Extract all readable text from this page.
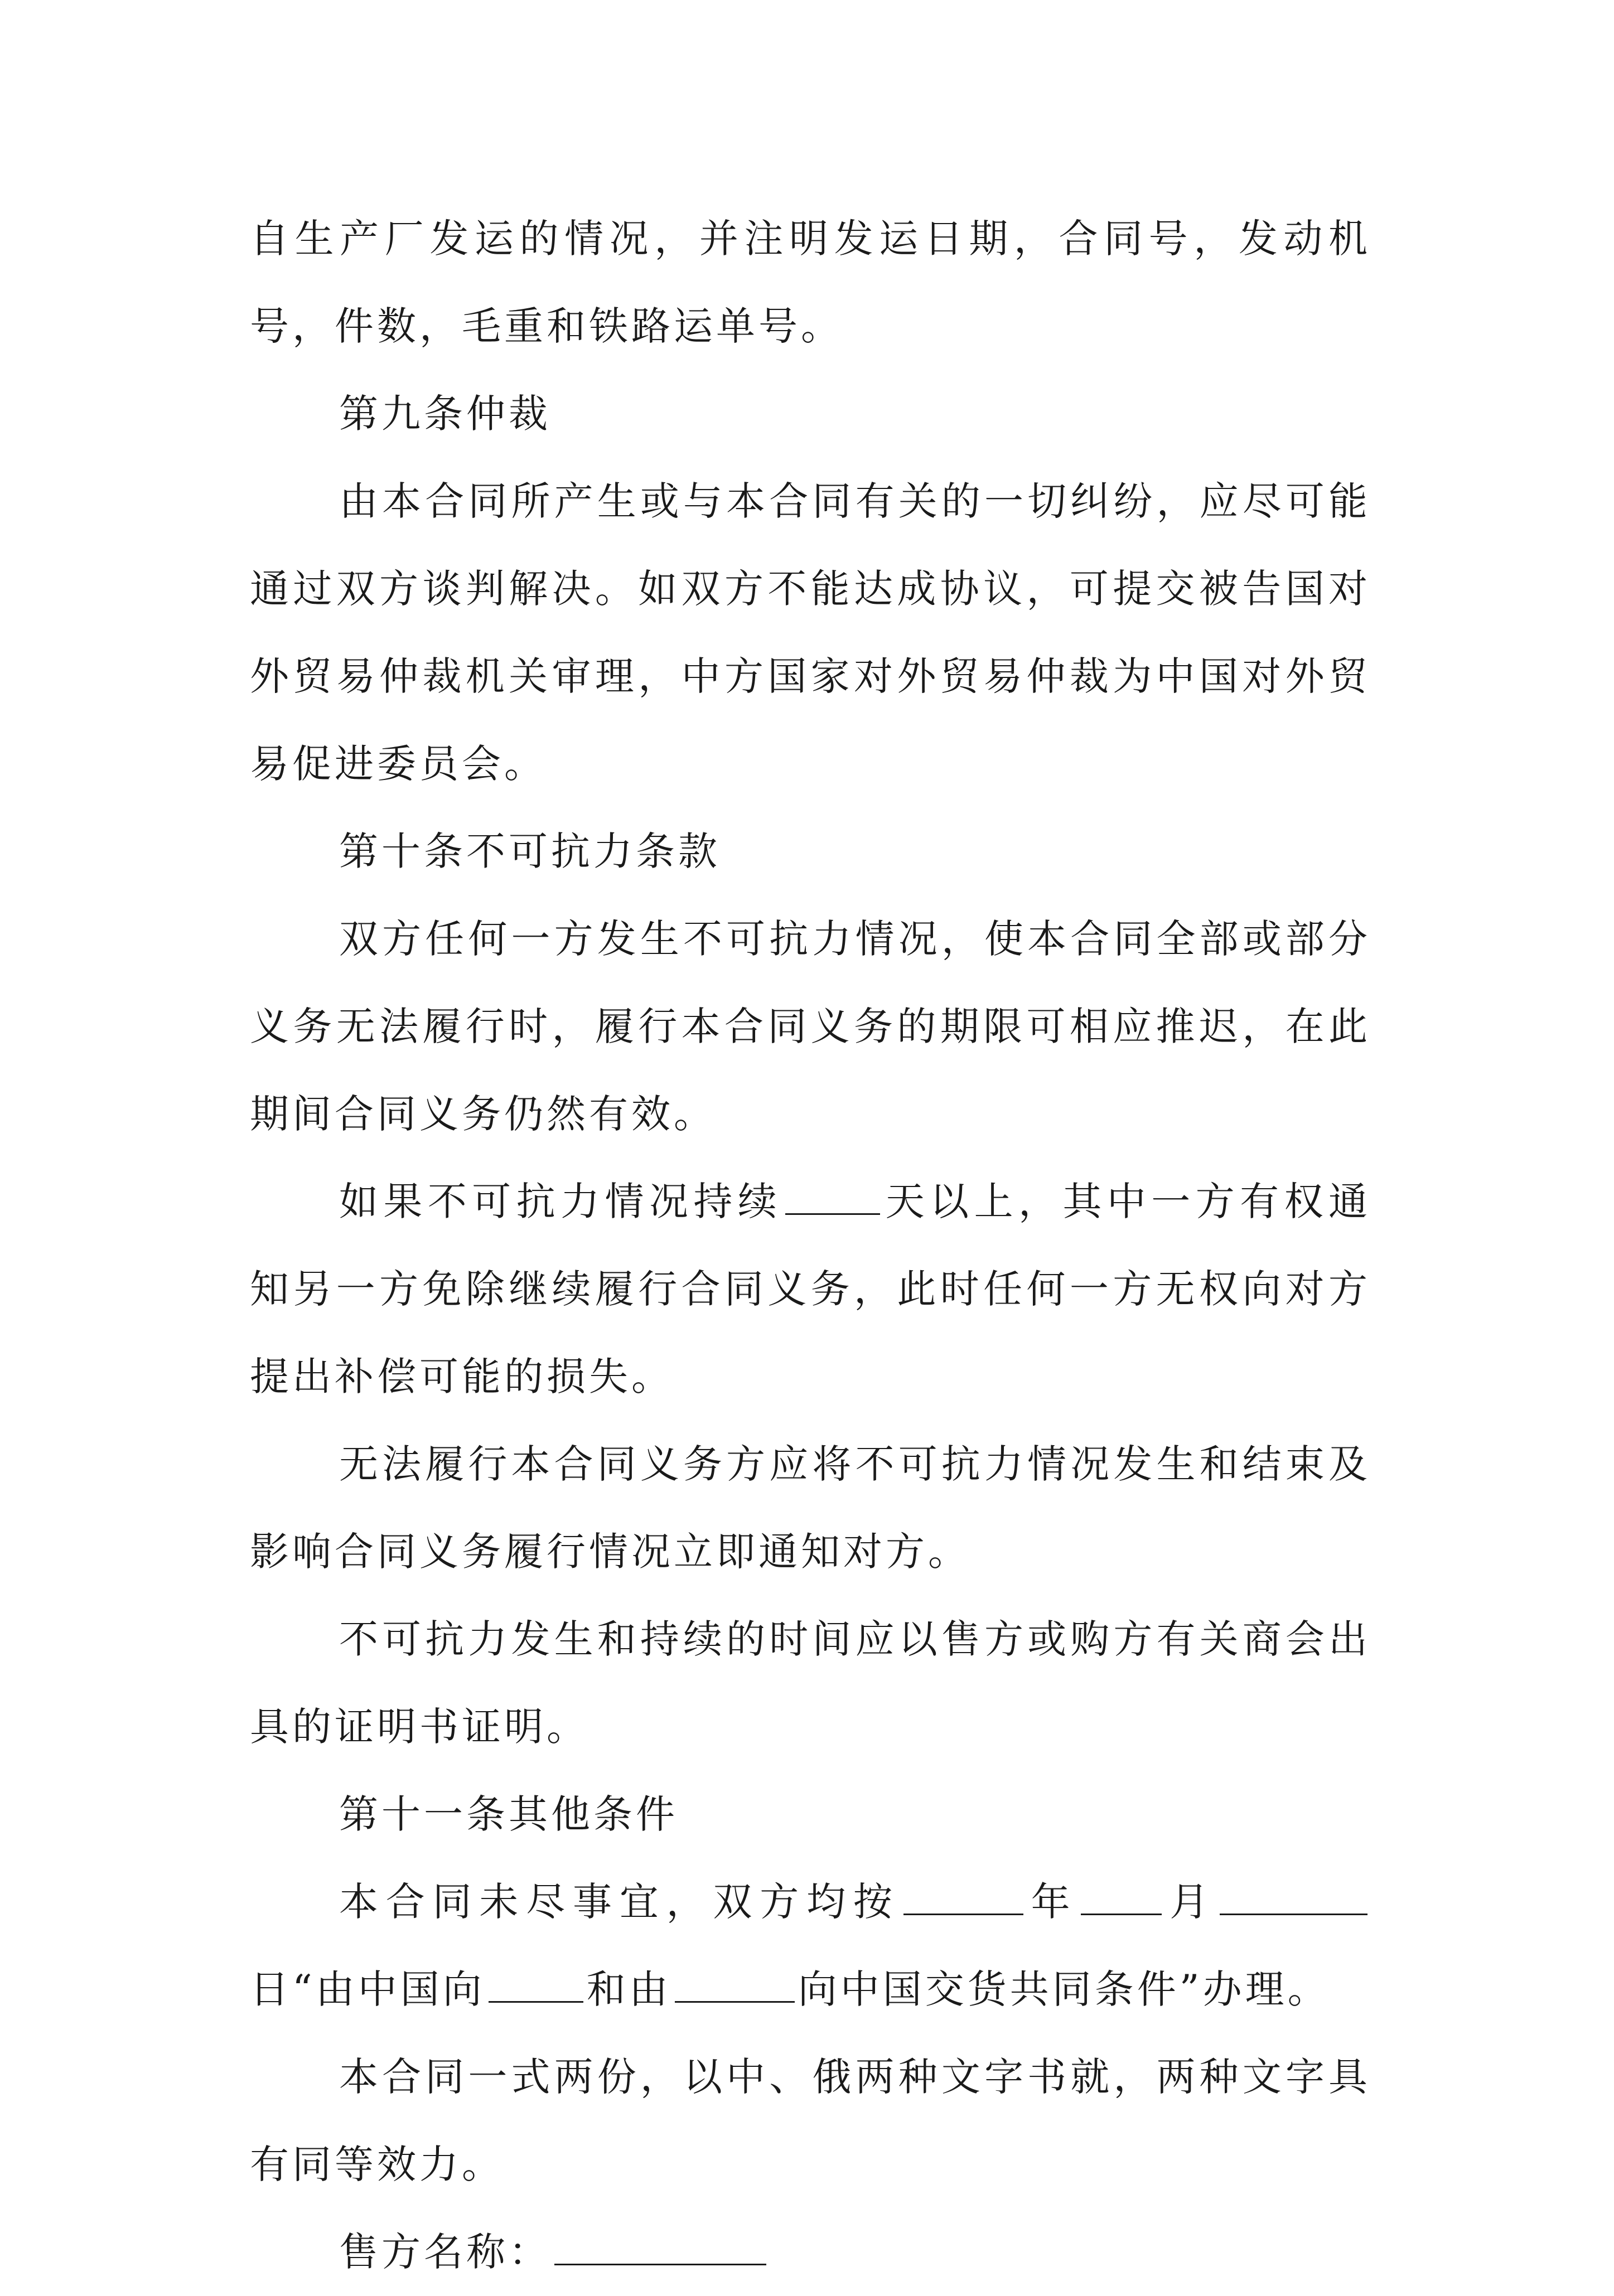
自生产厂发运的情况，并注明发运日期，合同号，发动机号，件数，毛重和铁路运单号。

第九条仲裁

由本合同所产生或与本合同有关的一切纠纷，应尽可能通过双方谈判解决。如双方不能达成协议，可提交被告国对外贸易仲裁机关审理，中方国家对外贸易仲裁为中国对外贸易促进委员会。

第十条不可抗力条款

双方任何一方发生不可抗力情况，使本合同全部或部分义务无法履行时，履行本合同义务的期限可相应推迟，在此期间合同义务仍然有效。

如果不可抗力情况持续	天以上，其中一方有权通知另一方免除继续履行合同义务，此时任何一方无权向对方提出补偿可能的损失。

无法履行本合同义务方应将不可抗力情况发生和结束及影响合同义务履行情况立即通知对方。

不可抗力发生和持续的时间应以售方或购方有关商会出具的证明书证明。

第十一条其他条件

本合同未尽事宜，双方均按	年 月日“由中国向	和由	向中国交货共同条件”办理。

本合同一式两份，以中、俄两种文字书就，两种文字具有同等效力。

售方名称：
